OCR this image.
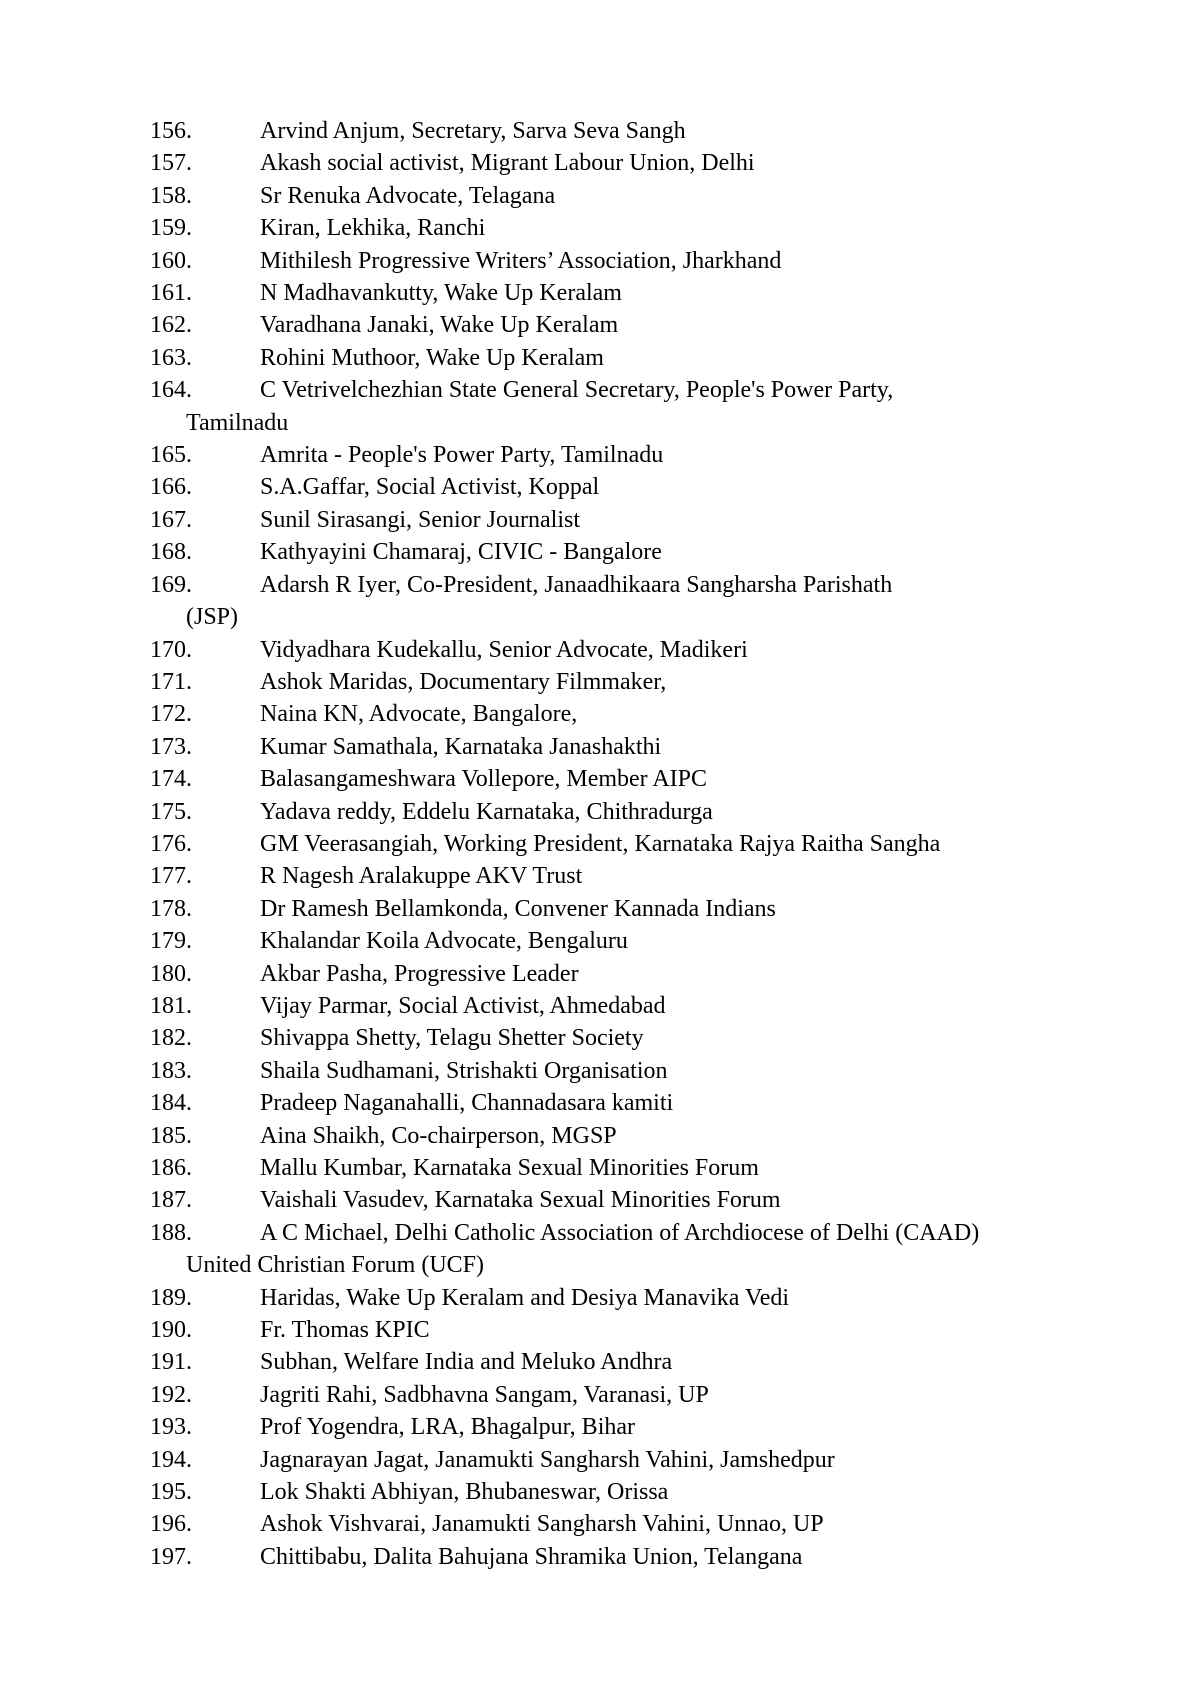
156.	Arvind Anjum, Secretary, Sarva Seva Sangh
157.	Akash social activist, Migrant Labour Union, Delhi
158.	Sr Renuka Advocate, Telagana
159.	Kiran, Lekhika, Ranchi
160.	Mithilesh Progressive Writers’ Association, Jharkhand
161.	N Madhavankutty, Wake Up Keralam
162.	Varadhana Janaki, Wake Up Keralam
163.	Rohini Muthoor, Wake Up Keralam
164.	C Vetrivelchezhian State General Secretary, People's Power Party,
Tamilnadu
165.	Amrita - People's Power Party, Tamilnadu
166.	S.A.Gaffar, Social Activist, Koppal
167.	Sunil Sirasangi, Senior Journalist
168.	Kathyayini Chamaraj, CIVIC - Bangalore
169.	Adarsh R Iyer, Co-President, Janaadhikaara Sangharsha Parishath
(JSP)
170.	Vidyadhara Kudekallu, Senior Advocate, Madikeri
171.	Ashok Maridas, Documentary Filmmaker,
172.	Naina KN, Advocate, Bangalore,
173.	Kumar Samathala, Karnataka Janashakthi
174.	Balasangameshwara Vollepore, Member AIPC
175.	Yadava reddy, Eddelu Karnataka, Chithradurga
176.	GM Veerasangiah, Working President, Karnataka Rajya Raitha Sangha
177.	R Nagesh Aralakuppe AKV Trust
178.	Dr Ramesh Bellamkonda, Convener Kannada Indians
179.	Khalandar Koila Advocate, Bengaluru
180.	Akbar Pasha, Progressive Leader
181.	Vijay Parmar, Social Activist, Ahmedabad
182.	Shivappa Shetty, Telagu Shetter Society
183.	Shaila Sudhamani, Strishakti Organisation
184.	Pradeep Naganahalli, Channadasara kamiti
185.	Aina Shaikh, Co-chairperson, MGSP
186.	Mallu Kumbar, Karnataka Sexual Minorities Forum
187.	Vaishali Vasudev, Karnataka Sexual Minorities Forum
188.	A C Michael, Delhi Catholic Association of Archdiocese of Delhi (CAAD)
United Christian Forum (UCF)
189.	Haridas, Wake Up Keralam and Desiya Manavika Vedi
190.	Fr. Thomas KPIC
191.	Subhan, Welfare India and Meluko Andhra
192.	Jagriti Rahi, Sadbhavna Sangam, Varanasi, UP
193.	Prof Yogendra, LRA, Bhagalpur, Bihar
194.	Jagnarayan Jagat, Janamukti Sangharsh Vahini, Jamshedpur
195.	Lok Shakti Abhiyan, Bhubaneswar, Orissa
196.	Ashok Vishvarai, Janamukti Sangharsh Vahini, Unnao, UP
197.	Chittibabu, Dalita Bahujana Shramika Union, Telangana
